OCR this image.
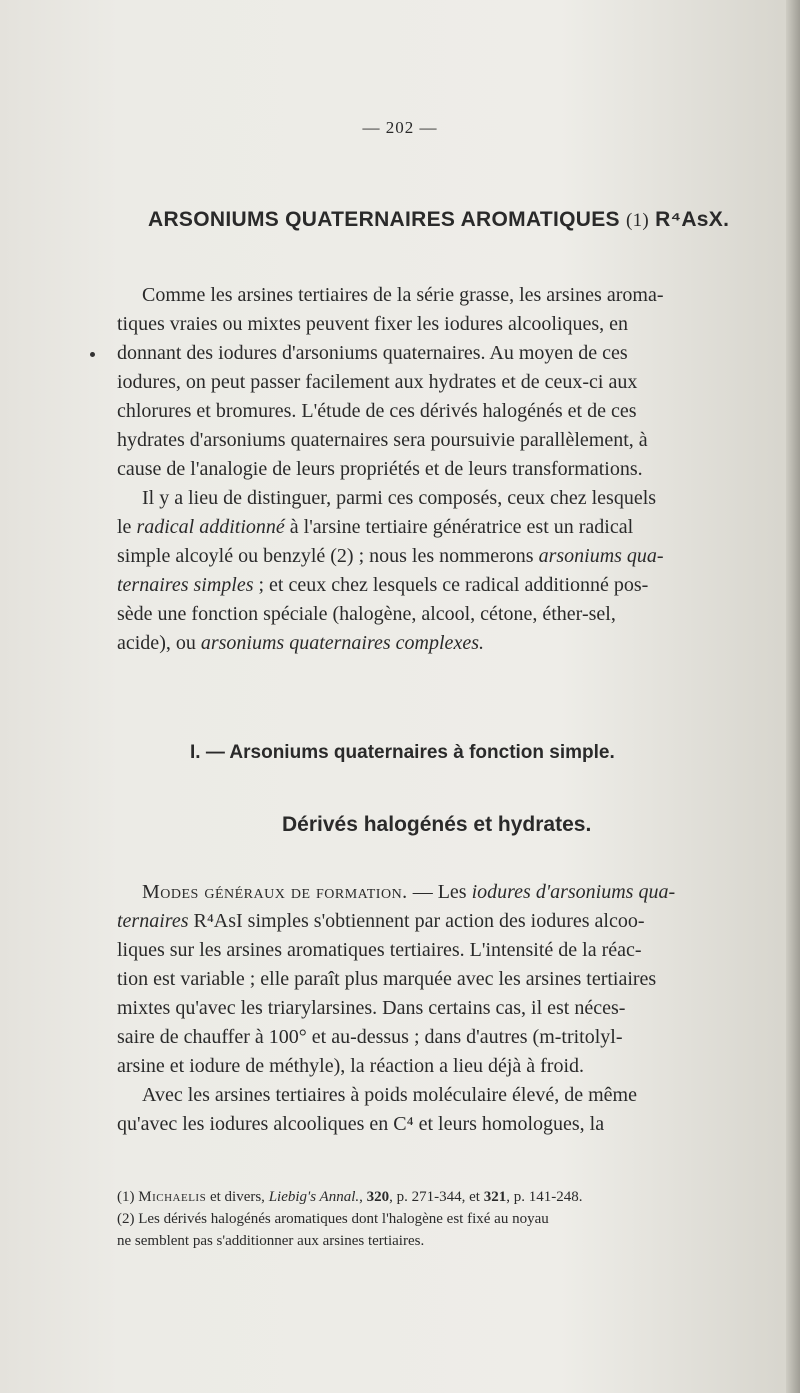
— 202 —
ARSONIUMS QUATERNAIRES AROMATIQUES (1) R⁴AsX.
Comme les arsines tertiaires de la série grasse, les arsines aroma-
tiques vraies ou mixtes peuvent fixer les iodures alcooliques, en
donnant des iodures d'arsoniums quaternaires. Au moyen de ces
iodures, on peut passer facilement aux hydrates et de ceux-ci aux
chlorures et bromures. L'étude de ces dérivés halogénés et de ces
hydrates d'arsoniums quaternaires sera poursuivie parallèlement, à
cause de l'analogie de leurs propriétés et de leurs transformations.
Il y a lieu de distinguer, parmi ces composés, ceux chez lesquels
le radical additionné à l'arsine tertiaire génératrice est un radical
simple alcoylé ou benzylé (2) ; nous les nommerons arsoniums qua-
ternaires simples ; et ceux chez lesquels ce radical additionné pos-
sède une fonction spéciale (halogène, alcool, cétone, éther-sel,
acide), ou arsoniums quaternaires complexes.
I. — Arsoniums quaternaires à fonction simple.
Dérivés halogénés et hydrates.
Modes généraux de formation. — Les iodures d'arsoniums qua-
ternaires R⁴AsI simples s'obtiennent par action des iodures alcoo-
liques sur les arsines aromatiques tertiaires. L'intensité de la réac-
tion est variable ; elle paraît plus marquée avec les arsines tertiaires
mixtes qu'avec les triarylarsines. Dans certains cas, il est néces-
saire de chauffer à 100° et au-dessus ; dans d'autres (m-tritolyl-
arsine et iodure de méthyle), la réaction a lieu déjà à froid.
Avec les arsines tertiaires à poids moléculaire élevé, de même
qu'avec les iodures alcooliques en C⁴ et leurs homologues, la
(1) Michaelis et divers, Liebig's Annal., 320, p. 271-344, et 321, p. 141-248.
(2) Les dérivés halogénés aromatiques dont l'halogène est fixé au noyau
ne semblent pas s'additionner aux arsines tertiaires.
